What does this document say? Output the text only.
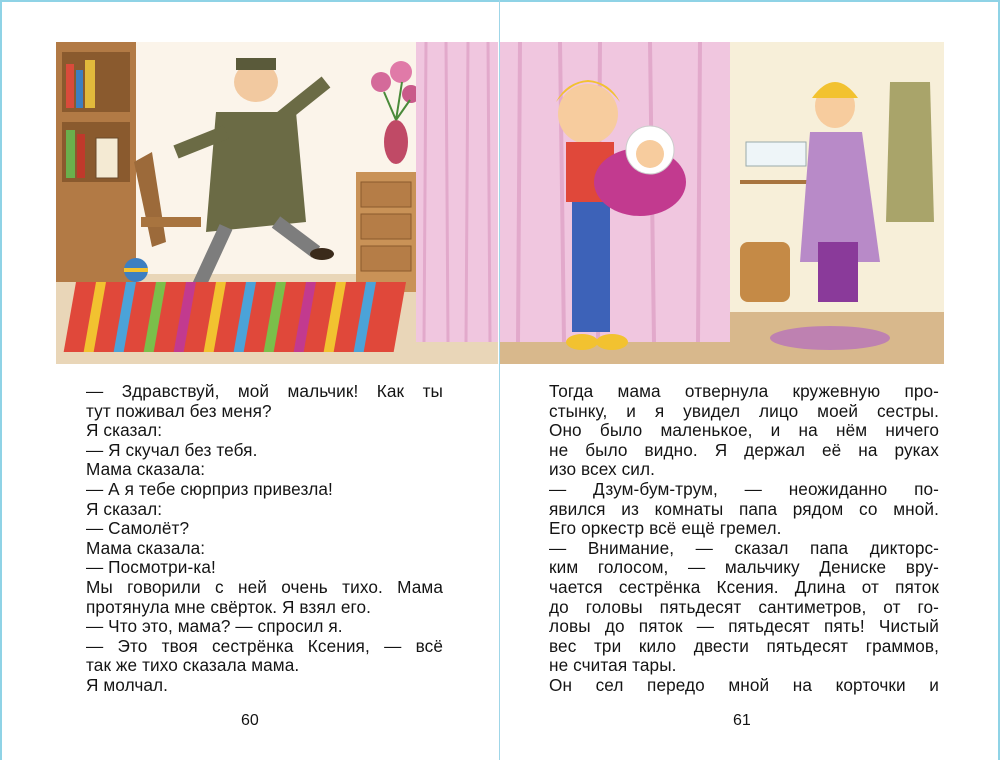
— Здравствуй, мой мальчик! Как ты
тут поживал без меня?
Я сказал:
— Я скучал без тебя.
Мама сказала:
— А я тебе сюрприз привезла!
Я сказал:
— Самолёт?
Мама сказала:
— Посмотри-ка!
Мы говорили с ней очень тихо. Мама
протянула мне свёрток. Я взял его.
— Что это, мама? — спросил я.
— Это твоя сестрёнка Ксения, — всё
так же тихо сказала мама.
Я молчал.
Тогда мама отвернула кружевную про-
стынку, и я увидел лицо моей сестры.
Оно было маленькое, и на нём ничего
не было видно. Я держал её на руках
изо всех сил.
— Дзум-бум-трум, — неожиданно по-
явился из комнаты папа рядом со мной.
Его оркестр всё ещё гремел.
— Внимание, — сказал папа дикторс-
ким голосом, — мальчику Дениске вру-
чается сестрёнка Ксения. Длина от пяток
до головы пятьдесят сантиметров, от го-
ловы до пяток — пятьдесят пять! Чистый
вес три кило двести пятьдесят граммов,
не считая тары.
Он сел передо мной на корточки и
60	61
